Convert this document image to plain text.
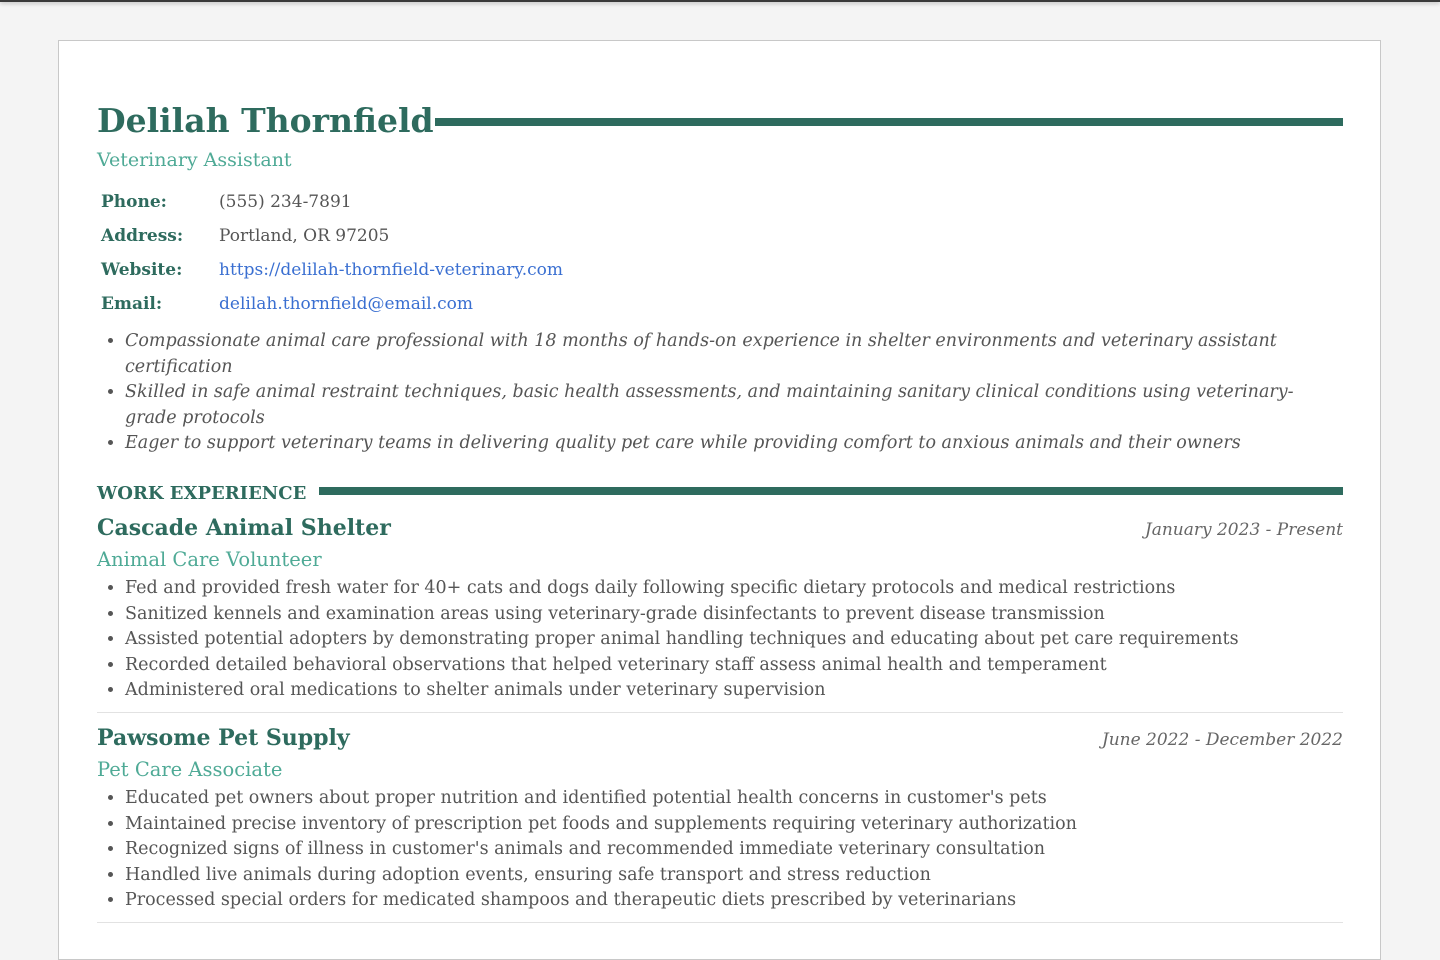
Delilah Thornfield
Veterinary Assistant
Phone:	(555) 234-7891
Address: Portland, OR 97205
Website: https://delilah-thornfield-veterinary.com
Email:	delilah.thornfield@email.com
• Compassionate animal care professional with 18 months of hands-on experience in shelter environments and veterinary assistant certification
• Skilled in safe animal restraint techniques, basic health assessments, and maintaining sanitary clinical conditions using veterinary-grade protocols
• Eager to support veterinary teams in delivering quality pet care while providing comfort to anxious animals and their owners
WORK EXPERIENCE
Cascade Animal Shelter	January 2023 - Present
Animal Care Volunteer
• Fed and provided fresh water for 40+ cats and dogs daily following specific dietary protocols and medical restrictions
• Sanitized kennels and examination areas using veterinary-grade disinfectants to prevent disease transmission
• Assisted potential adopters by demonstrating proper animal handling techniques and educating about pet care requirements
• Recorded detailed behavioral observations that helped veterinary staff assess animal health and temperament
• Administered oral medications to shelter animals under veterinary supervision
Pawsome Pet Supply	June 2022 - December 2022
Pet Care Associate
• Educated pet owners about proper nutrition and identified potential health concerns in customer's pets
• Maintained precise inventory of prescription pet foods and supplements requiring veterinary authorization
• Recognized signs of illness in customer's animals and recommended immediate veterinary consultation
• Handled live animals during adoption events, ensuring safe transport and stress reduction
• Processed special orders for medicated shampoos and therapeutic diets prescribed by veterinarians
